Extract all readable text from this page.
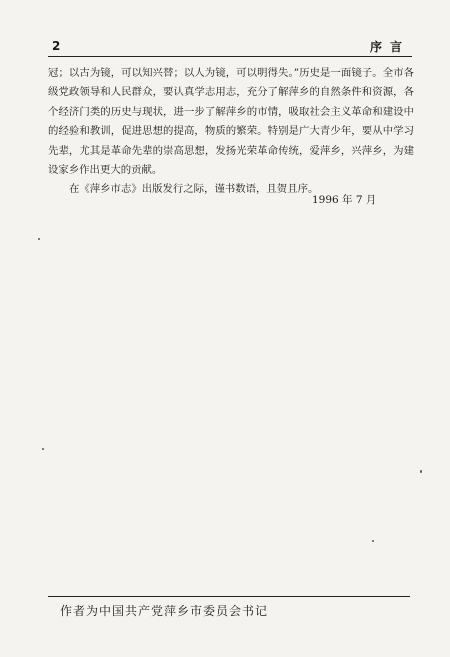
2	序言

冠；以古为镜，可以知兴替；以人为镜，可以明得失。”历史是一面镜子。全市各级党政领导和人民群众，要认真学志用志，充分了解萍乡的自然条件和资源，各个经济门类的历史与现状，进一步了解萍乡的市情，吸取社会主义革命和建设中的经验和教训，促进思想的提高，物质的繁荣。特别是广大青少年，要从中学习先辈，尤其是革命先辈的崇高思想，发扬光荣革命传统，爱萍乡，兴萍乡，为建设家乡作出更大的贡献。

在《萍乡市志》出版发行之际，谨书数语，且贺且序。

1996 年 7 月
作者为中国共产党萍乡市委员会书记
